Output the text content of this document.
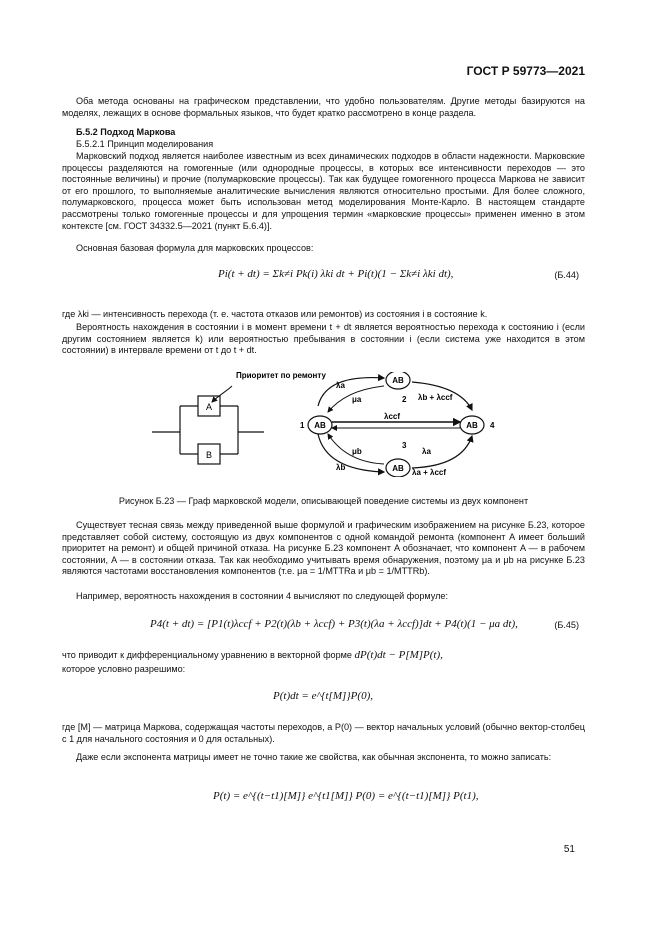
ГОСТ Р 59773—2021

Оба метода основаны на графическом представлении, что удобно пользователям. Другие методы базируются на моделях, лежащих в основе формальных языков, что будет кратко рассмотрено в конце раздела.

Б.5.2 Подход Маркова
Б.5.2.1 Принцип моделирования

Марковский подход является наиболее известным из всех динамических подходов в области надежности. Марковские процессы разделяются на гомогенные (или однородные процессы, в которых все интенсивности переходов — это постоянные величины) и прочие (полумарковские процессы). Так как будущее гомогенного процесса Маркова не зависит от его прошлого, то выполняемые аналитические вычисления являются относительно простыми. Для более сложного, полумарковского, процесса может быть использован метод моделирования Монте-Карло. В настоящем стандарте рассмотрены только гомогенные процессы и для упрощения термин «марковские процессы» применен именно в этом контексте [см. ГОСТ 34332.5—2021 (пункт Б.6.4)].

Основная базовая формула для марковских процессов:

Pi(t + dt) = Σk≠i Pk(i) λki dt + Pi(t)(1 − Σk≠i λki dt),	(Б.44)

где λki — интенсивность перехода (т. е. частота отказов или ремонтов) из состояния i в состояние k.

Вероятность нахождения в состоянии i в момент времени t + dt является вероятностью перехода к состоянию i (если другим состоянием является k) или вероятностью пребывания в состоянии i (если система уже находится в этом состоянии) в интервале времени от t до t + dt.

A
B
Приоритет по ремонту
AB
AB
AB
AB
1
2
3
4
λa
μa	λb + λccf
λccf
μb	λa
λb
λa + λccf
Рисунок Б.23 — Граф марковской модели, описывающей поведение системы из двух компонент

Существует тесная связь между приведенной выше формулой и графическим изображением на рисунке Б.23, которое представляет собой систему, состоящую из двух компонентов с одной командой ремонта (компонент A имеет больший приоритет на ремонт) и общей причиной отказа. На рисунке Б.23 компонент A обозначает, что компонент A — в рабочем состоянии, A — в состоянии отказа. Так как необходимо учитывать время обнаружения, поэтому μa и μb на рисунке Б.23 являются частотами восстановления компонентов (т.е. μa = 1/MTTRa и μb = 1/MTTRb).

Например, вероятность нахождения в состоянии 4 вычисляют по следующей формуле:

P4(t + dt) = [P1(t)λccf + P2(t)(λb + λccf) + P3(t)(λa + λccf)]dt + P4(t)(1 − μa dt),	(Б.45)
что приводит к дифференциальному уравнению в векторной форме dP(t)dt − P[M]P(t),
которое условно разрешимо:
P(t)dt = e^{t[M]}P(0),

где [M] — матрица Маркова, содержащая частоты переходов, а P(0) — вектор начальных условий (обычно вектор-столбец с 1 для начального состояния и 0 для остальных).

Даже если экспонента матрицы имеет не точно такие же свойства, как обычная экспонента, то можно записать:

P(t) = e^{(t−t1)[M]} e^{t1[M]} P(0) = e^{(t−t1)[M]} P(t1),
51
